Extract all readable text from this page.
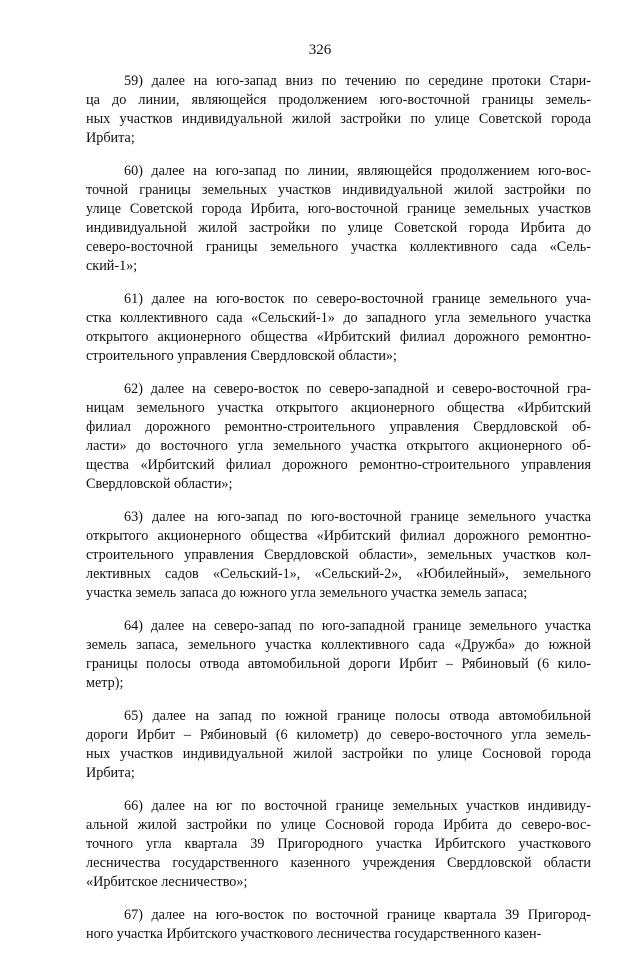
326

59) далее на юго-запад вниз по течению по середине протоки Стари-
ца до линии, являющейся продолжением юго-восточной границы земель-
ных участков индивидуальной жилой застройки по улице Советской города
Ирбита;

60) далее на юго-запад по линии, являющейся продолжением юго-вос-
точной границы земельных участков индивидуальной жилой застройки по
улице Советской города Ирбита, юго-восточной границе земельных участков
индивидуальной жилой застройки по улице Советской города Ирбита до
северо-восточной границы земельного участка коллективного сада «Сель-
ский-1»;

61) далее на юго-восток по северо-восточной границе земельного уча-
стка коллективного сада «Сельский-1» до западного угла земельного участка
открытого акционерного общества «Ирбитский филиал дорожного ремонтно-
строительного управления Свердловской области»;

62) далее на северо-восток по северо-западной и северо-восточной гра-
ницам земельного участка открытого акционерного общества «Ирбитский
филиал дорожного ремонтно-строительного управления Свердловской об-
ласти» до восточного угла земельного участка открытого акционерного об-
щества «Ирбитский филиал дорожного ремонтно-строительного управления
Свердловской области»;

63) далее на юго-запад по юго-восточной границе земельного участка
открытого акционерного общества «Ирбитский филиал дорожного ремонтно-
строительного управления Свердловской области», земельных участков кол-
лективных садов «Сельский-1», «Сельский-2», «Юбилейный», земельного
участка земель запаса до южного угла земельного участка земель запаса;

64) далее на северо-запад по юго-западной границе земельного участка
земель запаса, земельного участка коллективного сада «Дружба» до южной
границы полосы отвода автомобильной дороги Ирбит – Рябиновый (6 кило-
метр);

65) далее на запад по южной границе полосы отвода автомобильной
дороги Ирбит – Рябиновый (6 километр) до северо-восточного угла земель-
ных участков индивидуальной жилой застройки по улице Сосновой города
Ирбита;

66) далее на юг по восточной границе земельных участков индивиду-
альной жилой застройки по улице Сосновой города Ирбита до северо-вос-
точного угла квартала 39 Пригородного участка Ирбитского участкового
лесничества государственного казенного учреждения Свердловской области
«Ирбитское лесничество»;

67) далее на юго-восток по восточной границе квартала 39 Пригород-
ного участка Ирбитского участкового лесничества государственного казен-
